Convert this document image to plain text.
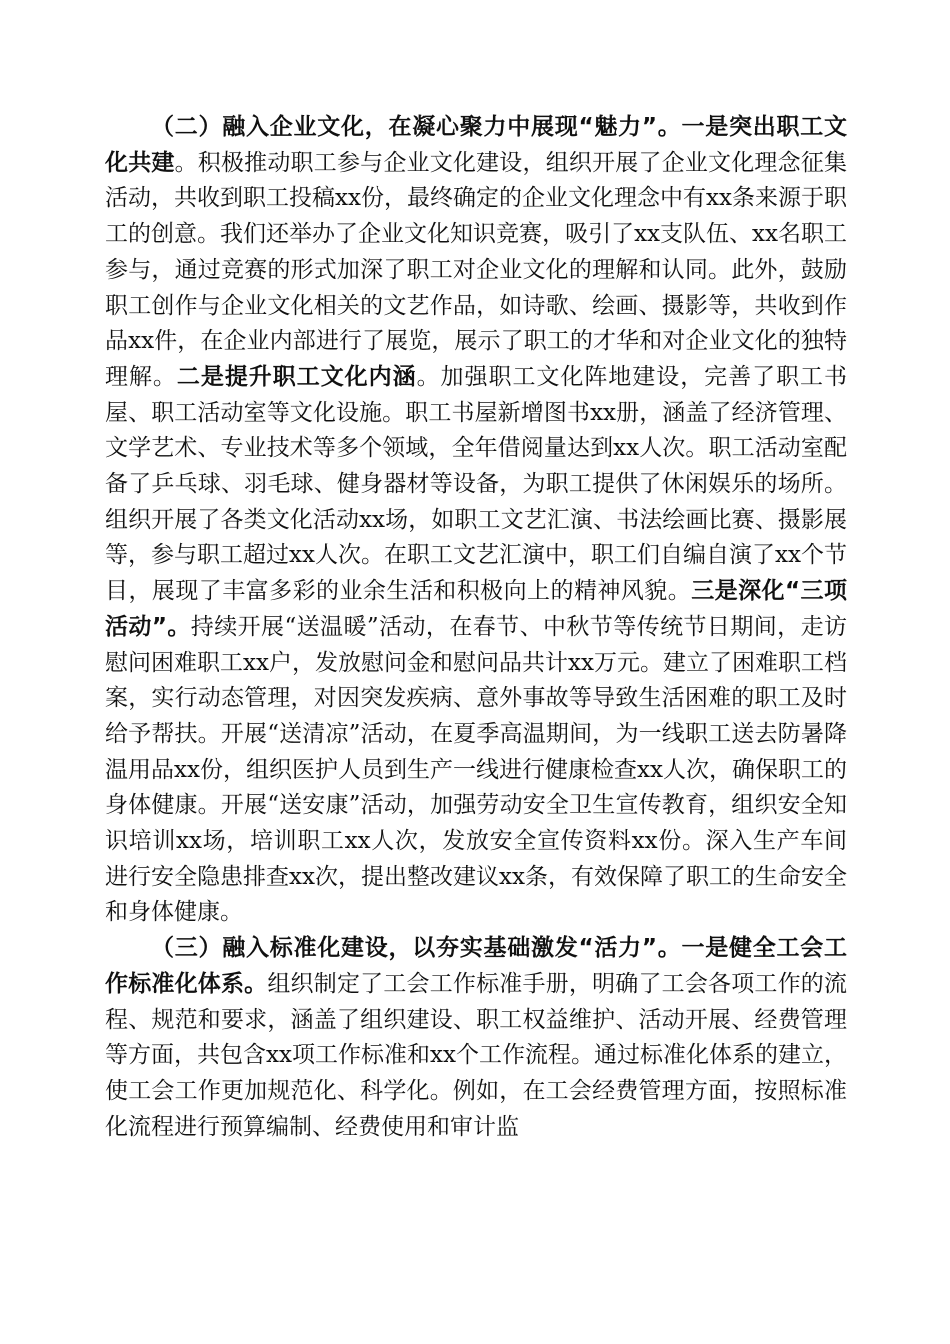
（二）融入企业文化，在凝心聚力中展现“魅力”。一是突出职工文化共建。积极推动职工参与企业文化建设，组织开展了企业文化理念征集活动，共收到职工投稿xx份，最终确定的企业文化理念中有xx条来源于职工的创意。我们还举办了企业文化知识竞赛，吸引了xx支队伍、xx名职工参与，通过竞赛的形式加深了职工对企业文化的理解和认同。此外，鼓励职工创作与企业文化相关的文艺作品，如诗歌、绘画、摄影等，共收到作品xx件，在企业内部进行了展览，展示了职工的才华和对企业文化的独特理解。二是提升职工文化内涵。加强职工文化阵地建设，完善了职工书屋、职工活动室等文化设施。职工书屋新增图书xx册，涵盖了经济管理、文学艺术、专业技术等多个领域，全年借阅量达到xx人次。职工活动室配备了乒乓球、羽毛球、健身器材等设备，为职工提供了休闲娱乐的场所。组织开展了各类文化活动xx场，如职工文艺汇演、书法绘画比赛、摄影展等，参与职工超过xx人次。在职工文艺汇演中，职工们自编自演了xx个节目，展现了丰富多彩的业余生活和积极向上的精神风貌。三是深化“三项活动”。持续开展“送温暖”活动，在春节、中秋节等传统节日期间，走访慰问困难职工xx户，发放慰问金和慰问品共计xx万元。建立了困难职工档案，实行动态管理，对因突发疾病、意外事故等导致生活困难的职工及时给予帮扶。开展“送清凉”活动，在夏季高温期间，为一线职工送去防暑降温用品xx份，组织医护人员到生产一线进行健康检查xx人次，确保职工的身体健康。开展“送安康”活动，加强劳动安全卫生宣传教育，组织安全知识培训xx场，培训职工xx人次，发放安全宣传资料xx份。深入生产车间进行安全隐患排查xx次，提出整改建议xx条，有效保障了职工的生命安全和身体健康。

（三）融入标准化建设，以夯实基础激发“活力”。一是健全工会工作标准化体系。组织制定了工会工作标准手册，明确了工会各项工作的流程、规范和要求，涵盖了组织建设、职工权益维护、活动开展、经费管理等方面，共包含xx项工作标准和xx个工作流程。通过标准化体系的建立，使工会工作更加规范化、科学化。例如，在工会经费管理方面，按照标准化流程进行预算编制、经费使用和审计监
